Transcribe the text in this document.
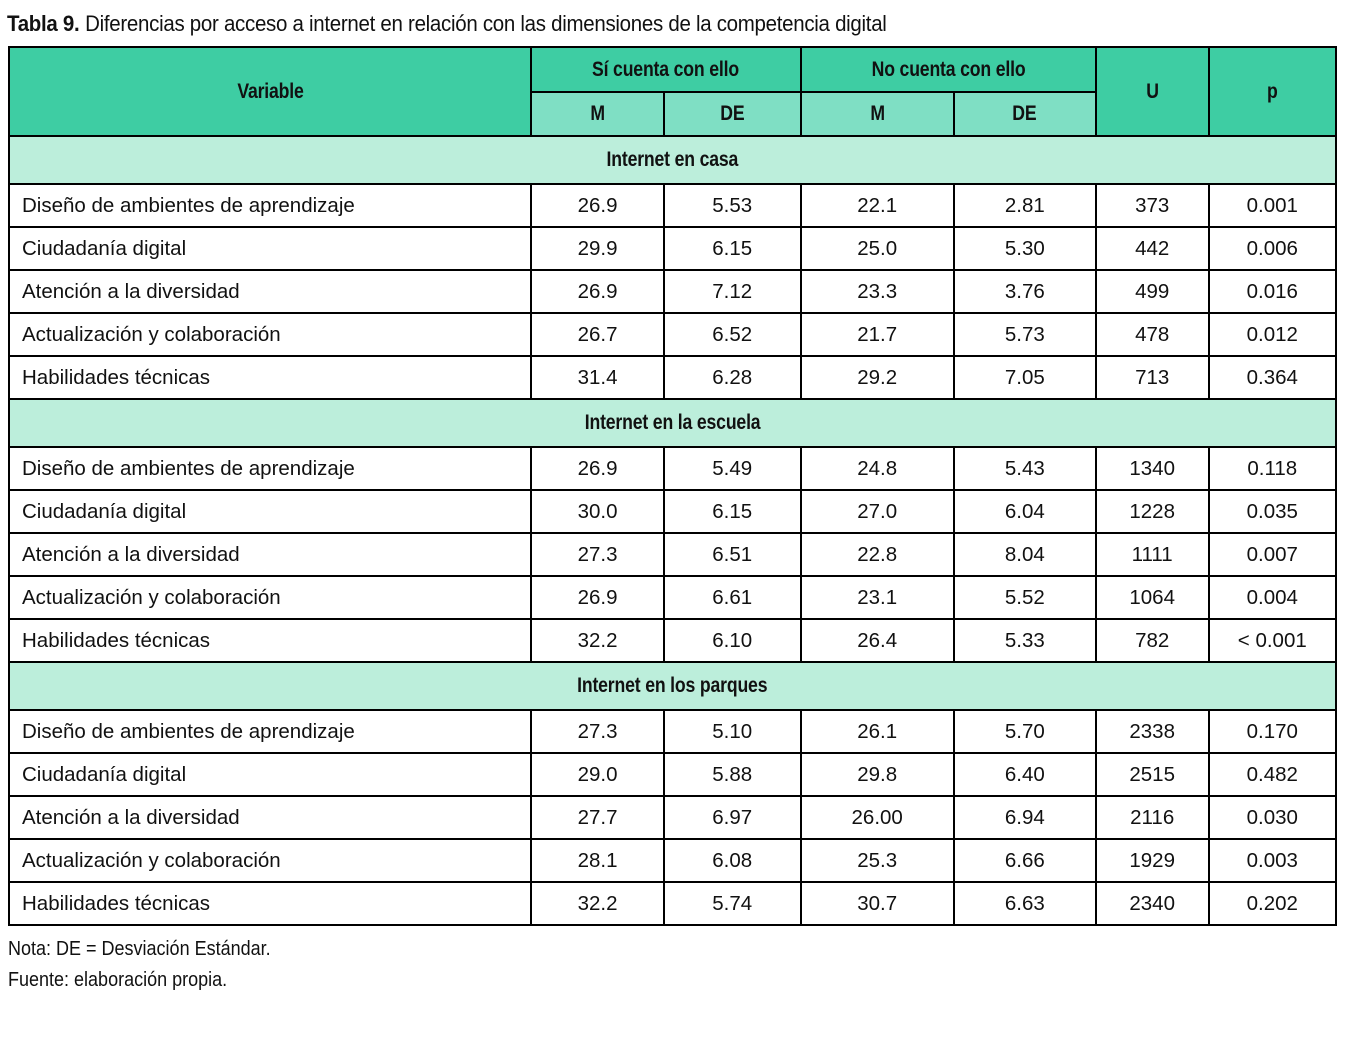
Tabla 9. Diferencias por acceso a internet en relación con las dimensiones de la competencia digital
Variable	Sí cuenta con ello		No cuenta con ello		U	p
	M	DE	M	DE		
Internet en casa						
Diseño de ambientes de aprendizaje	26.9	5.53	22.1	2.81	373	0.001
Ciudadanía digital	29.9	6.15	25.0	5.30	442	0.006
Atención a la diversidad	26.9	7.12	23.3	3.76	499	0.016
Actualización y colaboración	26.7	6.52	21.7	5.73	478	0.012
Habilidades técnicas	31.4	6.28	29.2	7.05	713	0.364
Internet en la escuela						
Diseño de ambientes de aprendizaje	26.9	5.49	24.8	5.43	1340	0.118
Ciudadanía digital	30.0	6.15	27.0	6.04	1228	0.035
Atención a la diversidad	27.3	6.51	22.8	8.04	1111	0.007
Actualización y colaboración	26.9	6.61	23.1	5.52	1064	0.004
Habilidades técnicas	32.2	6.10	26.4	5.33	782	< 0.001
Internet en los parques						
Diseño de ambientes de aprendizaje	27.3	5.10	26.1	5.70	2338	0.170
Ciudadanía digital	29.0	5.88	29.8	6.40	2515	0.482
Atención a la diversidad	27.7	6.97	26.00	6.94	2116	0.030
Actualización y colaboración	28.1	6.08	25.3	6.66	1929	0.003
Habilidades técnicas	32.2	5.74	30.7	6.63	2340	0.202
Nota: DE = Desviación Estándar.
Fuente: elaboración propia.
